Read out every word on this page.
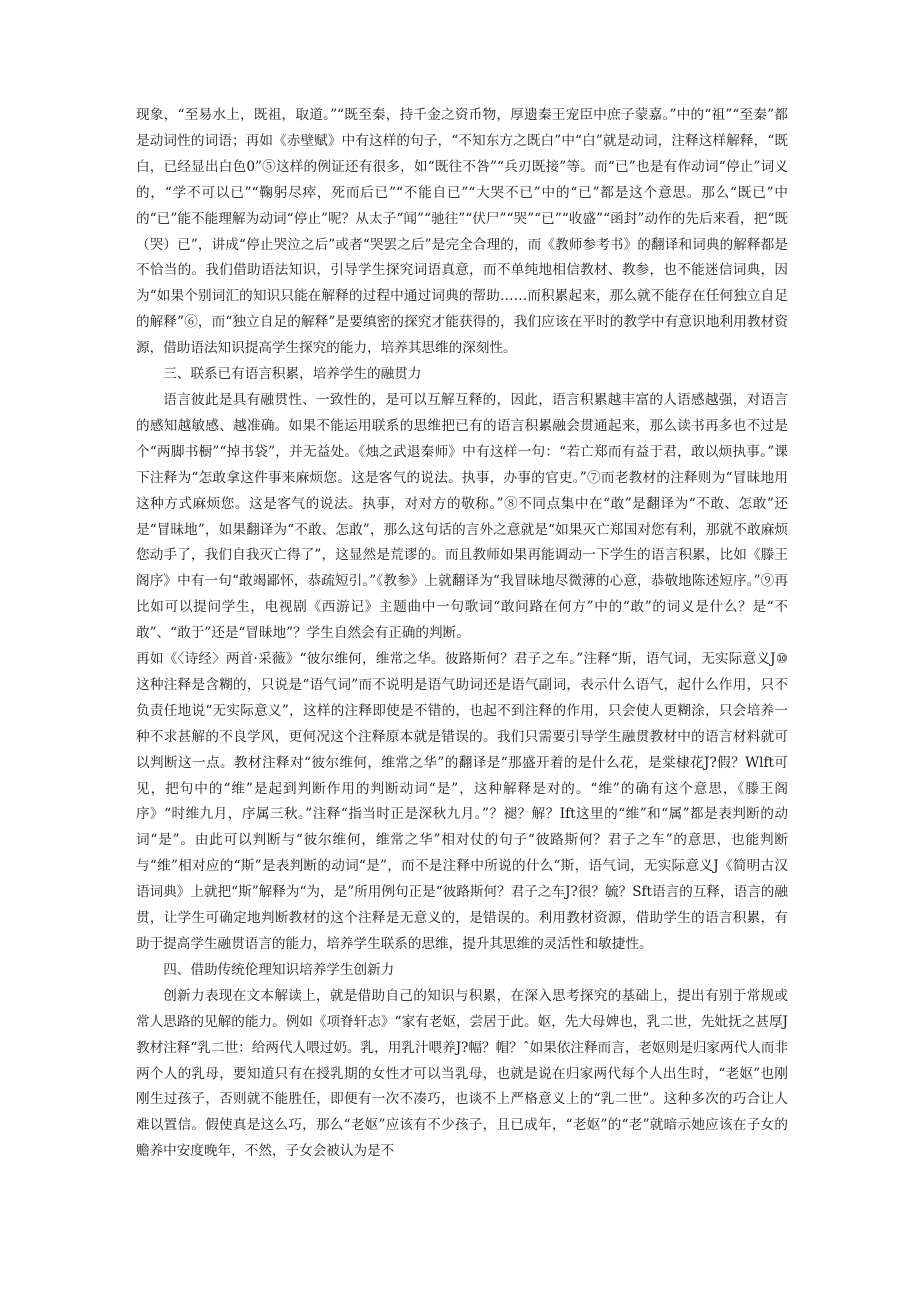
现象，“至易水上，既祖，取道。”“既至秦，持千金之资币物，厚遗秦王宠臣中庶子蒙嘉。”中的“祖”“至秦”都是动词性的词语；再如《赤壁赋》中有这样的句子，“不知东方之既白”中“白”就是动词，注释这样解释，“既白，已经显出白色0”⑤这样的例证还有很多，如“既往不咎”“兵刃既接”等。而“已”也是有作动词“停止”词义的，“学不可以已”“鞠躬尽瘁，死而后已”“不能自已”“大哭不已”中的“已”都是这个意思。那么“既已”中的“已”能不能理解为动词“停止”呢？从太子“闻”“驰往”“伏尸”“哭”“已”“收盛”“函封”动作的先后来看，把“既（哭）已”，讲成“停止哭泣之后”或者“哭罢之后”是完全合理的，而《教师参考书》的翻译和词典的解释都是不恰当的。我们借助语法知识，引导学生探究词语真意，而不单纯地相信教材、教参，也不能迷信词典，因为“如果个别词汇的知识只能在解释的过程中通过词典的帮助……而积累起来，那么就不能存在任何独立自足的解释”⑥，而“独立自足的解释”是要缜密的探究才能获得的，我们应该在平时的教学中有意识地利用教材资源，借助语法知识提高学生探究的能力，培养其思维的深刻性。

三、联系已有语言积累，培养学生的融贯力

语言彼此是具有融贯性、一致性的，是可以互解互释的，因此，语言积累越丰富的人语感越强，对语言的感知越敏感、越准确。如果不能运用联系的思维把已有的语言积累融会贯通起来，那么读书再多也不过是个“两脚书橱”“掉书袋”，并无益处。《烛之武退秦师》中有这样一句：“若亡郑而有益于君，敢以烦执事。”课下注释为“怎敢拿这件事来麻烦您。这是客气的说法。执事，办事的官吏。”⑦而老教材的注释则为“冒昧地用这种方式麻烦您。这是客气的说法。执事，对对方的敬称。”⑧不同点集中在“敢”是翻译为“不敢、怎敢”还是“冒昧地”，如果翻译为“不敢、怎敢”，那么这句话的言外之意就是“如果灭亡郑国对您有利，那就不敢麻烦您动手了，我们自我灭亡得了”，这显然是荒谬的。而且教师如果再能调动一下学生的语言积累，比如《滕王阁序》中有一句“敢竭鄙怀，恭疏短引。”《教参》上就翻译为“我冒昧地尽微薄的心意，恭敬地陈述短序。”⑨再比如可以提问学生，电视剧《西游记》主题曲中一句歌词“敢问路在何方”中的“敢”的词义是什么？是“不敢”、“敢于”还是“冒昧地”？学生自然会有正确的判断。

再如《〈诗经〉两首·采薇》“彼尔维何，维常之华。彼路斯何？君子之车。”注释“斯，语气词，无实际意义J⑩这种注释是含糊的，只说是“语气词”而不说明是语气助词还是语气副词，表示什么语气，起什么作用，只不负责任地说“无实际意义”，这样的注释即使是不错的，也起不到注释的作用，只会使人更糊涂，只会培养一种不求甚解的不良学风，更何况这个注释原本就是错误的。我们只需要引导学生融贯教材中的语言材料就可以判断这一点。教材注释对“彼尔维何，维常之华”的翻译是“那盛开着的是什么花，是棠棣花J?假？Wlft可见，把句中的“维”是起到判断作用的判断动词“是”，这种解释是对的。“维”的确有这个意思，《滕王阁序》“时维九月，序属三秋。”注释“指当时正是深秋九月。”？褪？解？Ift这里的“维”和“属”都是表判断的动词“是”。由此可以判断与“彼尔维何，维常之华”相对仗的句子“彼路斯何？君子之车”的意思，也能判断与“维”相对应的“斯”是表判断的动词“是”，而不是注释中所说的什么“斯，语气词，无实际意义J《简明古汉语词典》上就把“斯”解释为“为，是”所用例句正是“彼路斯何？君子之车J?很？毓？Sft语言的互释，语言的融贯，让学生可确定地判断教材的这个注释是无意义的，是错误的。利用教材资源，借助学生的语言积累，有助于提高学生融贯语言的能力，培养学生联系的思维，提升其思维的灵活性和敏捷性。

四、借助传统伦理知识培养学生创新力

创新力表现在文本解读上，就是借助自己的知识与积累，在深入思考探究的基础上，提出有别于常规或常人思路的见解的能力。例如《项脊轩志》“家有老妪，尝居于此。妪，先大母婢也，乳二世，先妣抚之甚厚J教材注释“乳二世：给两代人喂过奶。乳，用乳汁喂养J?幅？帽？ˆ如果依注释而言，老妪则是归家两代人而非两个人的乳母，要知道只有在授乳期的女性才可以当乳母，也就是说在归家两代每个人出生时，“老妪”也刚刚生过孩子，否则就不能胜任，即便有一次不凑巧，也谈不上严格意义上的“乳二世”。这种多次的巧合让人难以置信。假使真是这么巧，那么“老妪”应该有不少孩子，且已成年，“老妪”的“老”就暗示她应该在子女的赡养中安度晚年，不然，子女会被认为是不
